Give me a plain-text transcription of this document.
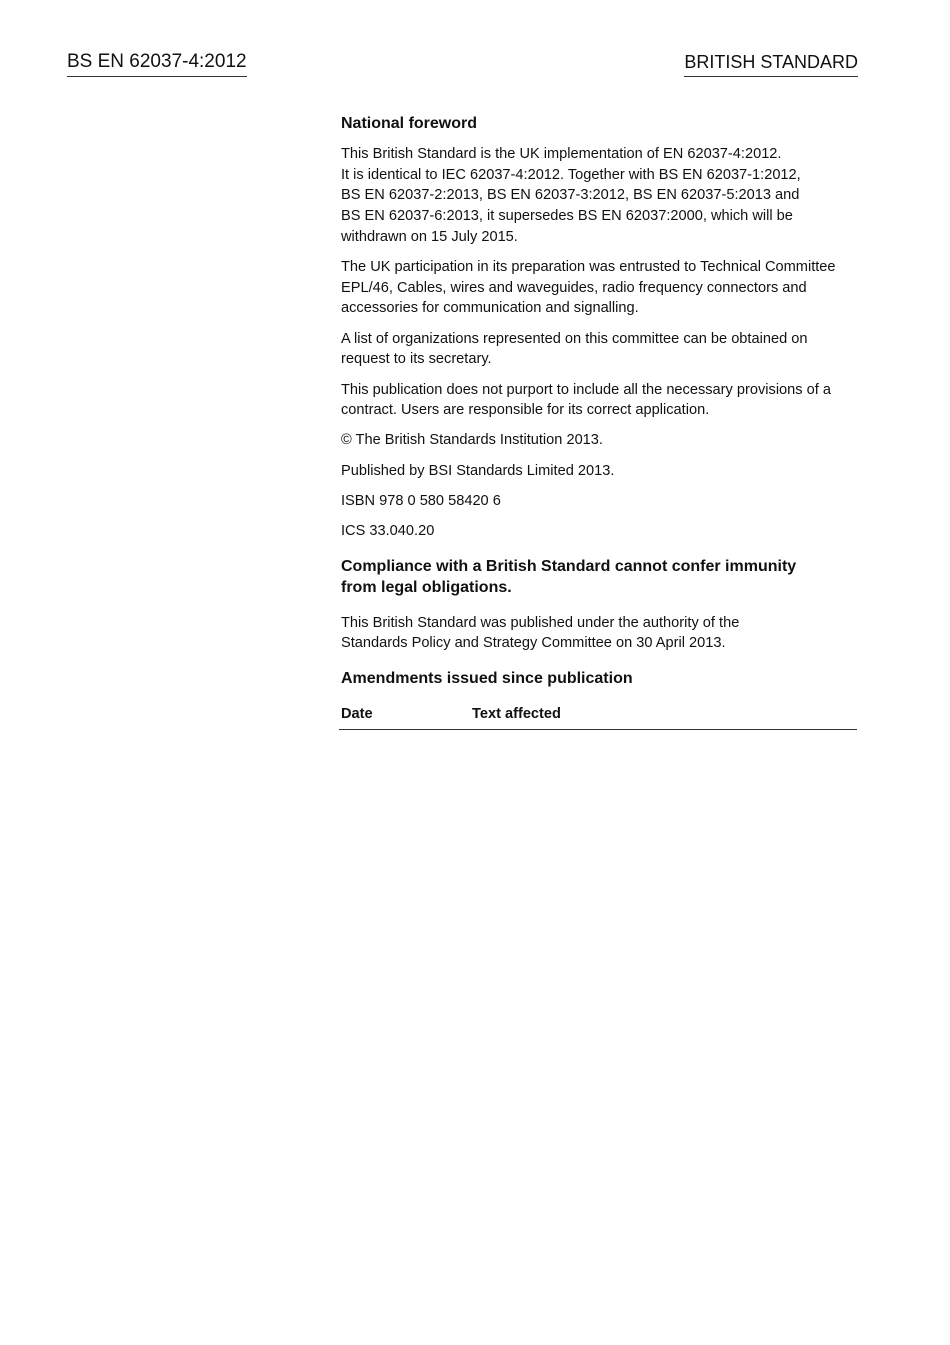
BS EN 62037-4:2012	BRITISH STANDARD
National foreword
This British Standard is the UK implementation of EN 62037-4:2012.
It is identical to IEC 62037-4:2012. Together with BS EN 62037-1:2012,
BS EN 62037-2:2013, BS EN 62037-3:2012, BS EN 62037-5:2013 and
BS EN 62037-6:2013, it supersedes BS EN 62037:2000, which will be
withdrawn on 15 July 2015.
The UK participation in its preparation was entrusted to Technical Committee
EPL/46, Cables, wires and waveguides, radio frequency connectors and
accessories for communication and signalling.
A list of organizations represented on this committee can be obtained on
request to its secretary.
This publication does not purport to include all the necessary provisions of a
contract. Users are responsible for its correct application.
© The British Standards Institution 2013.
Published by BSI Standards Limited 2013.
ISBN 978 0 580 58420 6
ICS 33.040.20
Compliance with a British Standard cannot confer immunity
from legal obligations.
This British Standard was published under the authority of the
Standards Policy and Strategy Committee on 30 April 2013.
Amendments issued since publication
Date	Text affected
